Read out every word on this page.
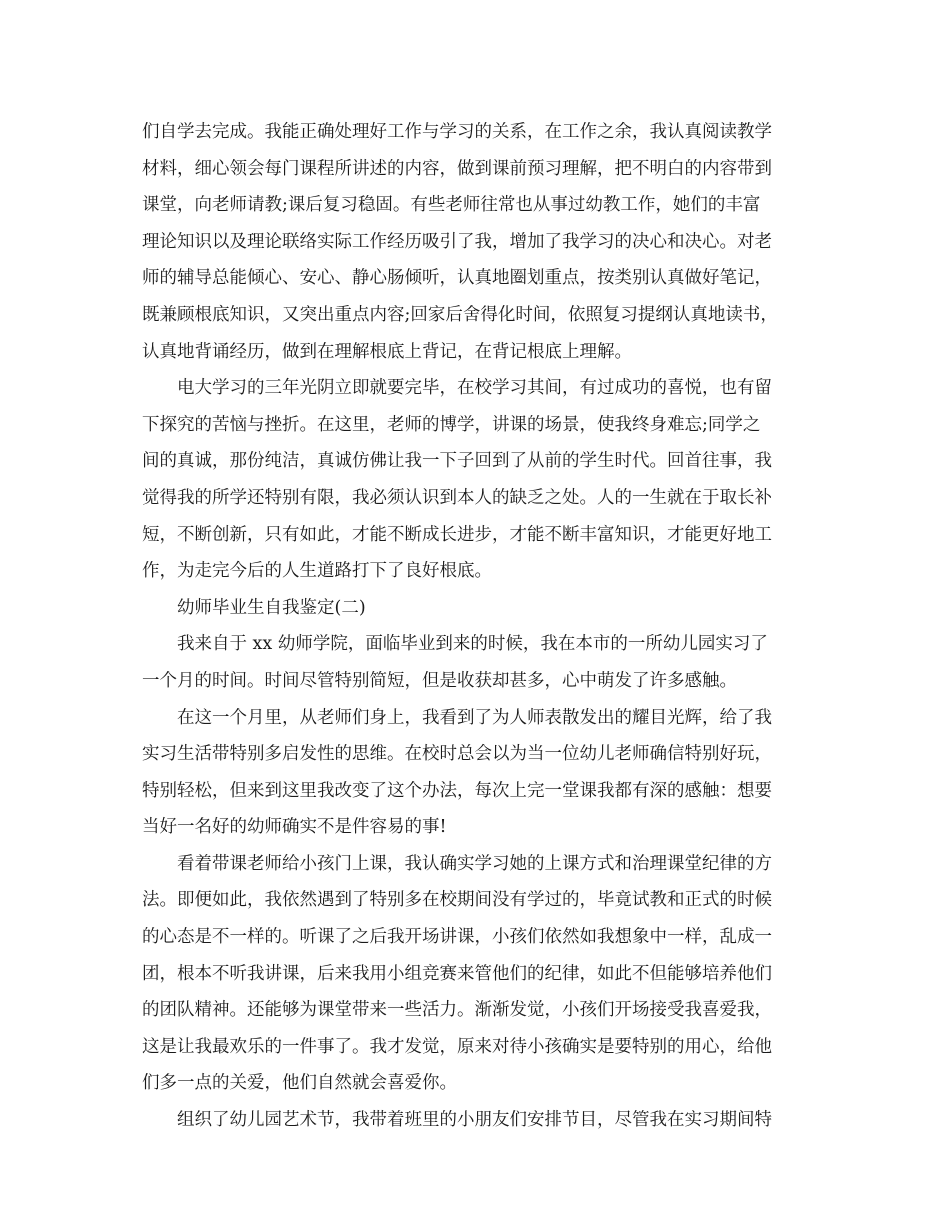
们自学去完成。我能正确处理好工作与学习的关系，在工作之余，我认真阅读教学
材料，细心领会每门课程所讲述的内容，做到课前预习理解，把不明白的内容带到
课堂，向老师请教;课后复习稳固。有些老师往常也从事过幼教工作，她们的丰富
理论知识以及理论联络实际工作经历吸引了我，增加了我学习的决心和决心。对老
师的辅导总能倾心、安心、静心肠倾听，认真地圈划重点，按类别认真做好笔记，
既兼顾根底知识，又突出重点内容;回家后舍得化时间，依照复习提纲认真地读书，
认真地背诵经历，做到在理解根底上背记，在背记根底上理解。

电大学习的三年光阴立即就要完毕，在校学习其间，有过成功的喜悦，也有留
下探究的苦恼与挫折。在这里，老师的博学，讲课的场景，使我终身难忘;同学之
间的真诚，那份纯洁，真诚仿佛让我一下子回到了从前的学生时代。回首往事，我
觉得我的所学还特别有限，我必须认识到本人的缺乏之处。人的一生就在于取长补
短，不断创新，只有如此，才能不断成长进步，才能不断丰富知识，才能更好地工
作，为走完今后的人生道路打下了良好根底。

幼师毕业生自我鉴定(二)

我来自于 xx 幼师学院，面临毕业到来的时候，我在本市的一所幼儿园实习了
一个月的时间。时间尽管特别简短，但是收获却甚多，心中萌发了许多感触。

在这一个月里，从老师们身上，我看到了为人师表散发出的耀目光辉，给了我
实习生活带特别多启发性的思维。在校时总会以为当一位幼儿老师确信特别好玩，
特别轻松，但来到这里我改变了这个办法，每次上完一堂课我都有深的感触：想要
当好一名好的幼师确实不是件容易的事!

看着带课老师给小孩门上课，我认确实学习她的上课方式和治理课堂纪律的方
法。即便如此，我依然遇到了特别多在校期间没有学过的，毕竟试教和正式的时候
的心态是不一样的。听课了之后我开场讲课，小孩们依然如我想象中一样，乱成一
团，根本不听我讲课，后来我用小组竞赛来管他们的纪律，如此不但能够培养他们
的团队精神。还能够为课堂带来一些活力。渐渐发觉，小孩们开场接受我喜爱我，
这是让我最欢乐的一件事了。我才发觉，原来对待小孩确实是要特别的用心，给他
们多一点的关爱，他们自然就会喜爱你。

组织了幼儿园艺术节，我带着班里的小朋友们安排节目，尽管我在实习期间特
